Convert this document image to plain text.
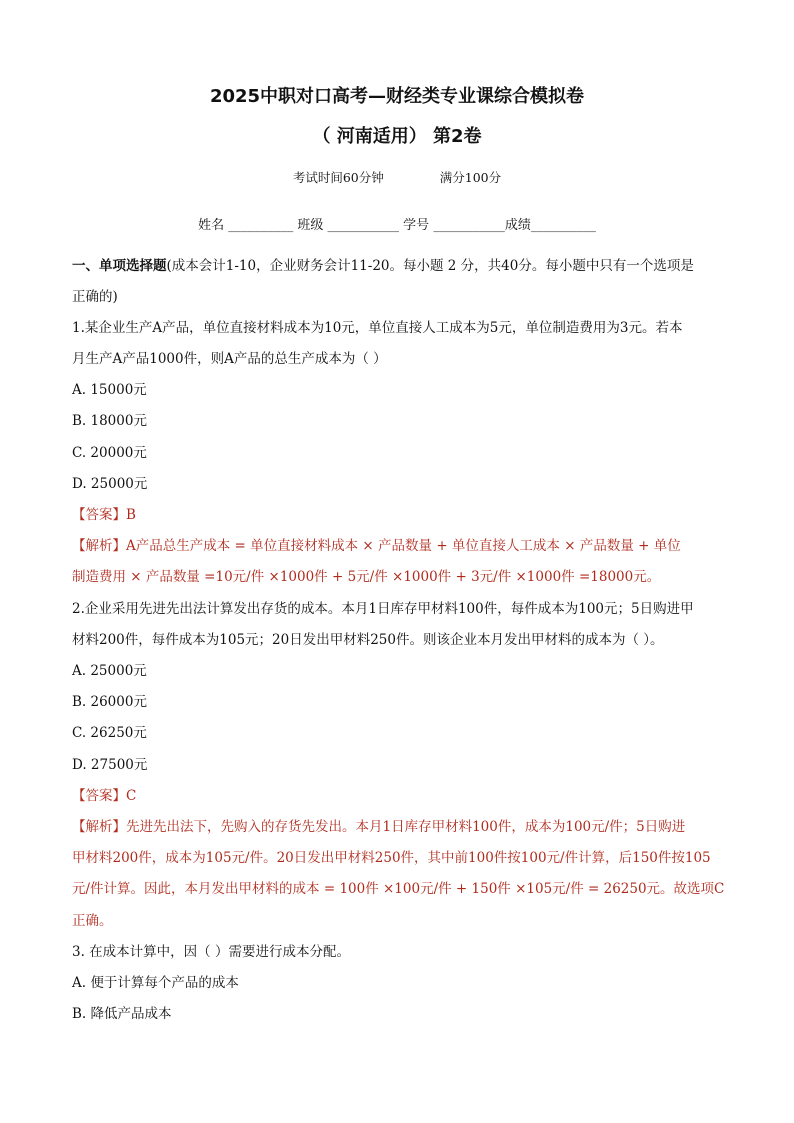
2025中职对口高考—财经类专业课综合模拟卷
（ 河南适用） 第2卷
考试时间60分钟	满分100分
姓名 __________ 班级 ___________ 学号 ___________成绩__________
一、单项选择题(成本会计1-10，企业财务会计11-20。每小题 2 分，共40分。每小题中只有一个选项是
正确的)
1.某企业生产A产品，单位直接材料成本为10元，单位直接人工成本为5元，单位制造费用为3元。若本
月生产A产品1000件，则A产品的总生产成本为（ ）
A. 15000元
B. 18000元
C. 20000元
D. 25000元
【答案】B
【解析】A产品总生产成本 = 单位直接材料成本 × 产品数量 + 单位直接人工成本 × 产品数量 + 单位
制造费用 × 产品数量 =10元/件 ×1000件 + 5元/件 ×1000件 + 3元/件 ×1000件 =18000元。
2.企业采用先进先出法计算发出存货的成本。本月1日库存甲材料100件，每件成本为100元；5日购进甲
材料200件，每件成本为105元；20日发出甲材料250件。则该企业本月发出甲材料的成本为（ ）。
A. 25000元
B. 26000元
C. 26250元
D. 27500元
【答案】C
【解析】先进先出法下，先购入的存货先发出。本月1日库存甲材料100件，成本为100元/件；5日购进
甲材料200件，成本为105元/件。20日发出甲材料250件，其中前100件按100元/件计算，后150件按105
元/件计算。因此，本月发出甲材料的成本 = 100件 ×100元/件 + 150件 ×105元/件 = 26250元。故选项C
正确。
3. 在成本计算中，因（ ）需要进行成本分配。
A. 便于计算每个产品的成本
B. 降低产品成本
